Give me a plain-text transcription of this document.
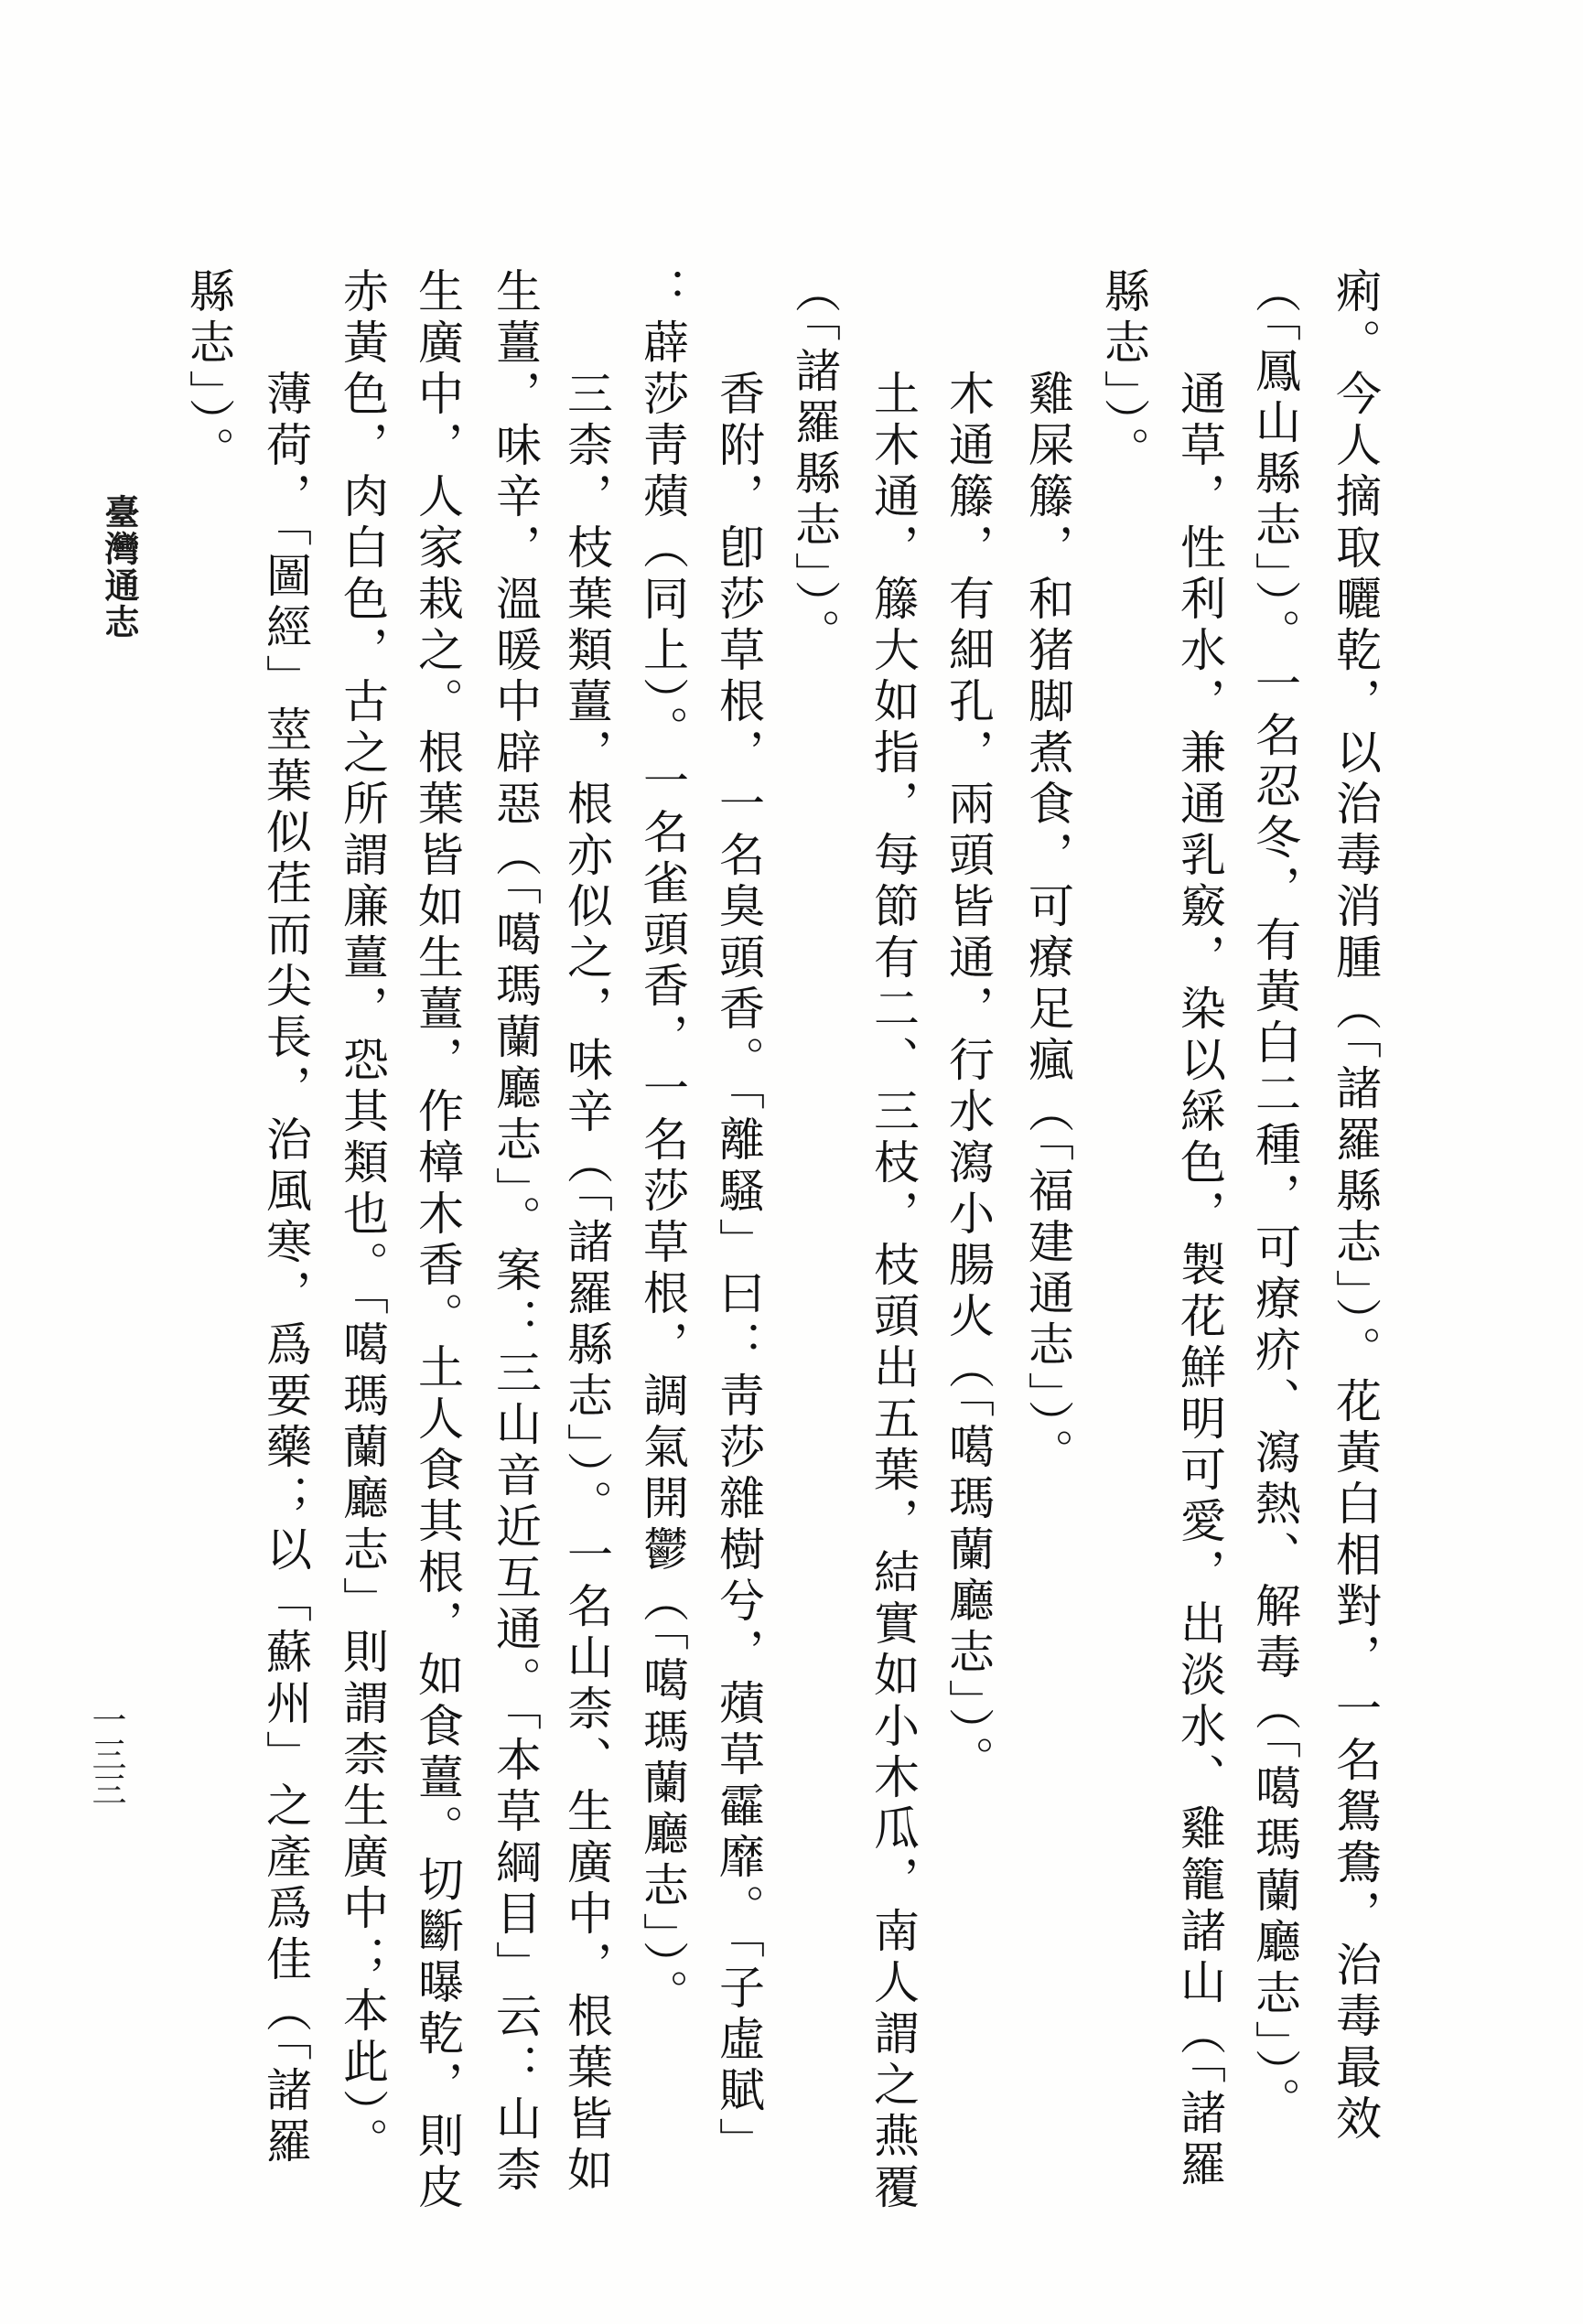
臺灣通志
一三三	痢。今人摘取曬乾，以治毒消腫（「諸羅縣志」）。花黃白相對，一名鴛鴦，治毒最效
（「鳳山縣志」）。一名忍冬，有黃白二種，可療疥、瀉熱、解毒（「噶瑪蘭廳志」）。
通草，性利水，兼通乳竅，染以綵色，製花鮮明可愛，出淡水、雞籠諸山（「諸羅
縣志」）。
雞屎籐，和猪脚煮食，可療足瘋（「福建通志」）。
木通籐，有細孔，兩頭皆通，行水瀉小腸火（「噶瑪蘭廳志」）。
土木通，籐大如指，每節有二、三枝，枝頭出五葉，結實如小木瓜，南人謂之燕覆
（「諸羅縣志」）。
香附，卽莎草根，一名臭頭香。「離騷」曰：靑莎雜樹兮，薠草靃靡。「子虛賦」
：薜莎靑薠（同上）。一名雀頭香，一名莎草根，調氣開鬱（「噶瑪蘭廳志」）。
三柰，枝葉類薑，根亦似之，味辛（「諸羅縣志」）。一名山柰、生廣中，根葉皆如
生薑，味辛，溫暖中辟惡（「噶瑪蘭廳志」。案：三山音近互通。「本草綱目」云：山柰
生廣中，人家栽之。根葉皆如生薑，作樟木香。土人食其根，如食薑。切斷曝乾，則皮
赤黃色，肉白色，古之所謂廉薑，恐其類也。「噶瑪蘭廳志」則謂柰生廣中；本此）。
薄荷，「圖經」莖葉似荏而尖長，治風寒，爲要藥；以「蘇州」之產爲佳（「諸羅
縣志」）。
